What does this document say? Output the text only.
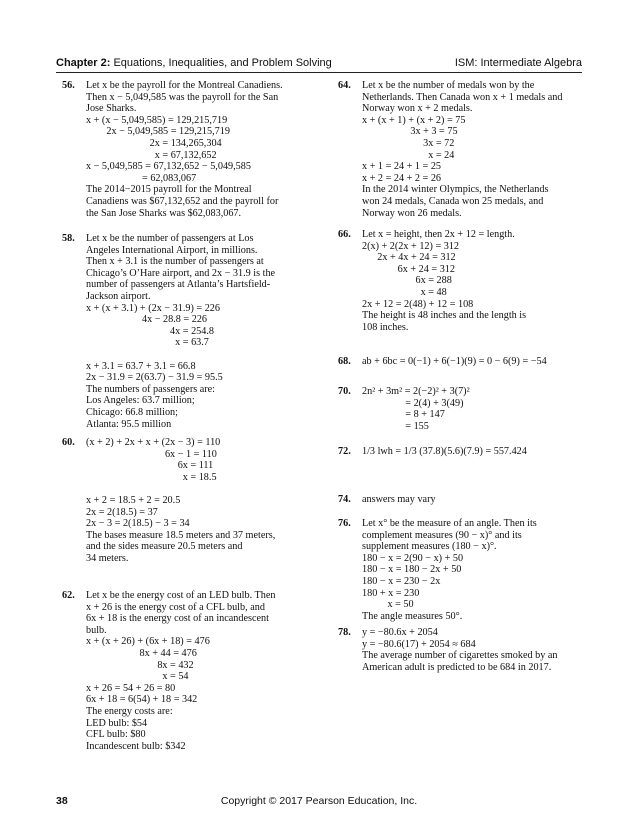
Chapter 2: Equations, Inequalities, and Problem Solving	ISM: Intermediate Algebra
56. Let x be the payroll for the Montreal Canadiens.
Then x − 5,049,585 was the payroll for the San
Jose Sharks.
x + (x − 5,049,585) = 129,215,719
2x − 5,049,585 = 129,215,719
2x = 134,265,304
x = 67,132,652
x − 5,049,585 = 67,132,652 − 5,049,585
= 62,083,067
The 2014−2015 payroll for the Montreal
Canadiens was $67,132,652 and the payroll for
the San Jose Sharks was $62,083,067.
58. Let x be the number of passengers at Los
Angeles International Airport, in millions.
Then x + 3.1 is the number of passengers at
Chicago’s O’Hare airport, and 2x − 31.9 is the
number of passengers at Atlanta’s Hartsfield-
Jackson airport.
x + (x + 3.1) + (2x − 31.9) = 226
4x − 28.8 = 226
4x = 254.8
x = 63.7
x + 3.1 = 63.7 + 3.1 = 66.8
2x − 31.9 = 2(63.7) − 31.9 = 95.5
The numbers of passengers are:
Los Angeles: 63.7 million;
Chicago: 66.8 million;
Atlanta: 95.5 million
60. (x + 2) + 2x + x + (2x − 3) = 110
6x − 1 = 110
6x = 111
x = 18.5
x + 2 = 18.5 + 2 = 20.5
2x = 2(18.5) = 37
2x − 3 = 2(18.5) − 3 = 34
The bases measure 18.5 meters and 37 meters,
and the sides measure 20.5 meters and
34 meters.
62. Let x be the energy cost of an LED bulb. Then
x + 26 is the energy cost of a CFL bulb, and
6x + 18 is the energy cost of an incandescent
bulb.
x + (x + 26) + (6x + 18) = 476
8x + 44 = 476
8x = 432
x = 54
x + 26 = 54 + 26 = 80
6x + 18 = 6(54) + 18 = 342
The energy costs are:
LED bulb: $54
CFL bulb: $80
Incandescent bulb: $342
64. Let x be the number of medals won by the
Netherlands. Then Canada won x + 1 medals and
Norway won x + 2 medals.
x + (x + 1) + (x + 2) = 75
3x + 3 = 75
3x = 72
x = 24
x + 1 = 24 + 1 = 25
x + 2 = 24 + 2 = 26
In the 2014 winter Olympics, the Netherlands
won 24 medals, Canada won 25 medals, and
Norway won 26 medals.
66. Let x = height, then 2x + 12 = length.
2(x) + 2(2x + 12) = 312
2x + 4x + 24 = 312
6x + 24 = 312
6x = 288
x = 48
2x + 12 = 2(48) + 12 = 108
The height is 48 inches and the length is
108 inches.
68. ab + 6bc = 0(−1) + 6(−1)(9) = 0 − 6(9) = −54
70. 2n² + 3m² = 2(−2)² + 3(7)²
= 2(4) + 3(49)
= 8 + 147
= 155
72. 1/3 lwh = 1/3 (37.8)(5.6)(7.9) = 557.424
74. answers may vary
76. Let x° be the measure of an angle. Then its
complement measures (90 − x)° and its
supplement measures (180 − x)°.
180 − x = 2(90 − x) + 50
180 − x = 180 − 2x + 50
180 − x = 230 − 2x
180 + x = 230
x = 50
The angle measures 50°.
78. y = −80.6x + 2054
y = −80.6(17) + 2054 ≈ 684
The average number of cigarettes smoked by an
American adult is predicted to be 684 in 2017.
38	Copyright © 2017 Pearson Education, Inc.
